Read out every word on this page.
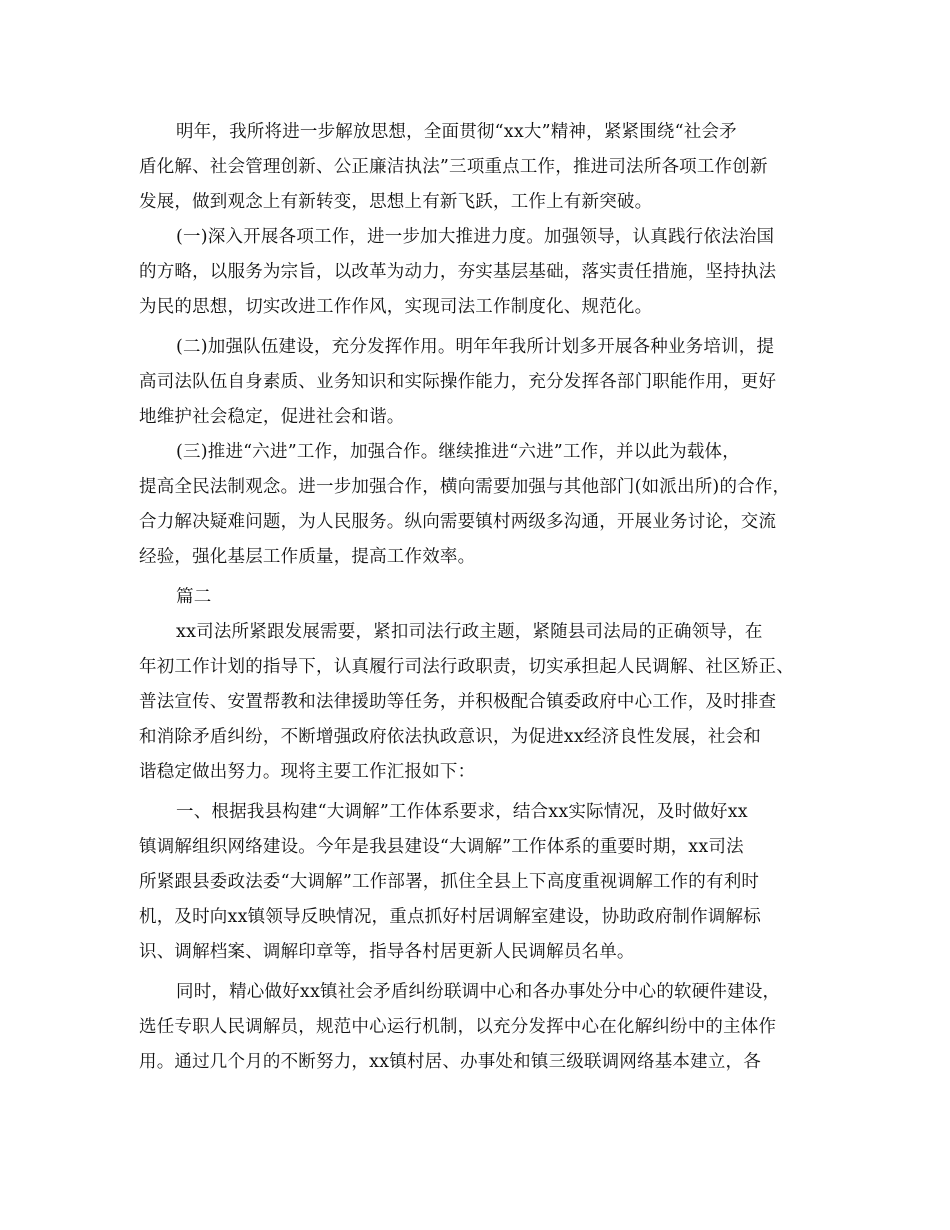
明年，我所将进一步解放思想，全面贯彻“xx大”精神，紧紧围绕“社会矛
盾化解、社会管理创新、公正廉洁执法”三项重点工作，推进司法所各项工作创新
发展，做到观念上有新转变，思想上有新飞跃，工作上有新突破。
(一)深入开展各项工作，进一步加大推进力度。加强领导，认真践行依法治国
的方略，以服务为宗旨，以改革为动力，夯实基层基础，落实责任措施，坚持执法
为民的思想，切实改进工作作风，实现司法工作制度化、规范化。
(二)加强队伍建设，充分发挥作用。明年年我所计划多开展各种业务培训，提
高司法队伍自身素质、业务知识和实际操作能力，充分发挥各部门职能作用，更好
地维护社会稳定，促进社会和谐。
(三)推进“六进”工作，加强合作。继续推进“六进”工作，并以此为载体，
提高全民法制观念。进一步加强合作，横向需要加强与其他部门(如派出所)的合作，
合力解决疑难问题，为人民服务。纵向需要镇村两级多沟通，开展业务讨论，交流
经验，强化基层工作质量，提高工作效率。
篇二
xx司法所紧跟发展需要，紧扣司法行政主题，紧随县司法局的正确领导，在
年初工作计划的指导下，认真履行司法行政职责，切实承担起人民调解、社区矫正、
普法宣传、安置帮教和法律援助等任务，并积极配合镇委政府中心工作，及时排查
和消除矛盾纠纷，不断增强政府依法执政意识，为促进xx经济良性发展，社会和
谐稳定做出努力。现将主要工作汇报如下：
一、根据我县构建“大调解”工作体系要求，结合xx实际情况，及时做好xx
镇调解组织网络建设。今年是我县建设“大调解”工作体系的重要时期，xx司法
所紧跟县委政法委“大调解”工作部署，抓住全县上下高度重视调解工作的有利时
机，及时向xx镇领导反映情况，重点抓好村居调解室建设，协助政府制作调解标
识、调解档案、调解印章等，指导各村居更新人民调解员名单。
同时，精心做好xx镇社会矛盾纠纷联调中心和各办事处分中心的软硬件建设，
选任专职人民调解员，规范中心运行机制，以充分发挥中心在化解纠纷中的主体作
用。通过几个月的不断努力，xx镇村居、办事处和镇三级联调网络基本建立，各
